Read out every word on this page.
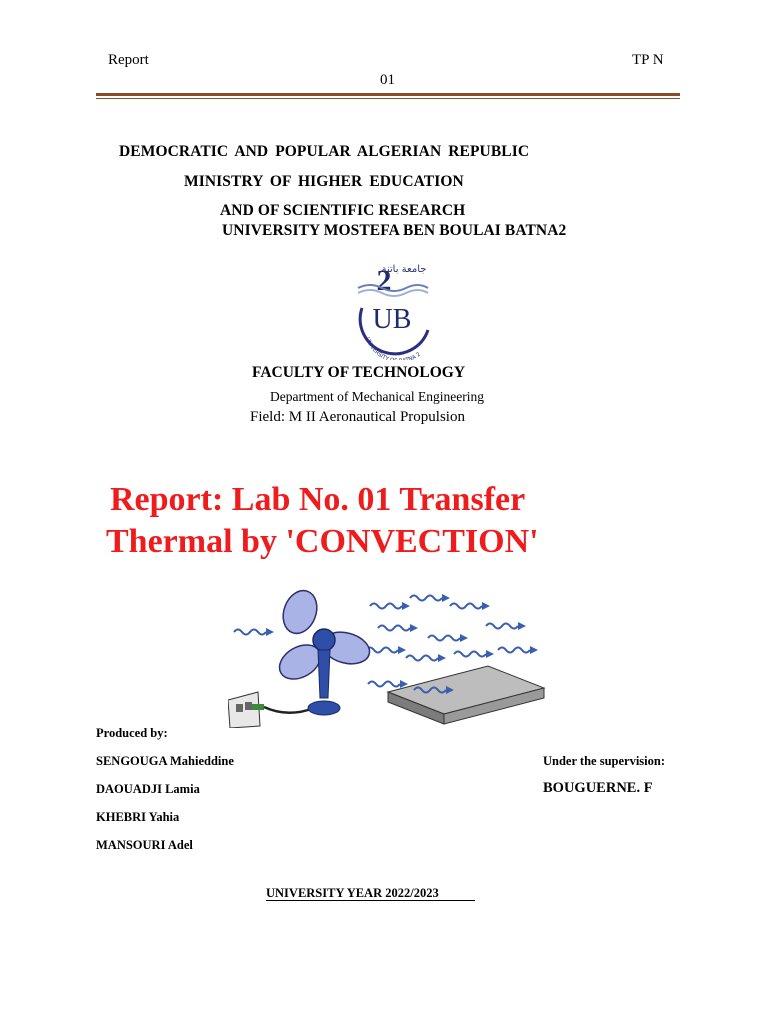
Report	TP N
01
DEMOCRATIC AND POPULAR ALGERIAN REPUBLIC
MINISTRY OF HIGHER EDUCATION
AND OF SCIENTIFIC RESEARCH
UNIVERSITY MOSTEFA BEN BOULAI BATNA2
جامعة باتنة
2
UB
UNIVERSITY NA 2
FACULTY OF TECHNOLOGY
Department of Mechanical Engineering
Field: M II Aeronautical Propulsion
Report: Lab No. 01 Transfer
Thermal by 'CONVECTION'
Produced by:
SENGOUGA Mahieddine
DAOUADJI Lamia
KHEBRI Yahia
MANSOURI Adel
Under the supervision:
BOUGUERNE. F
UNIVERSITY YEAR 2022/2023
